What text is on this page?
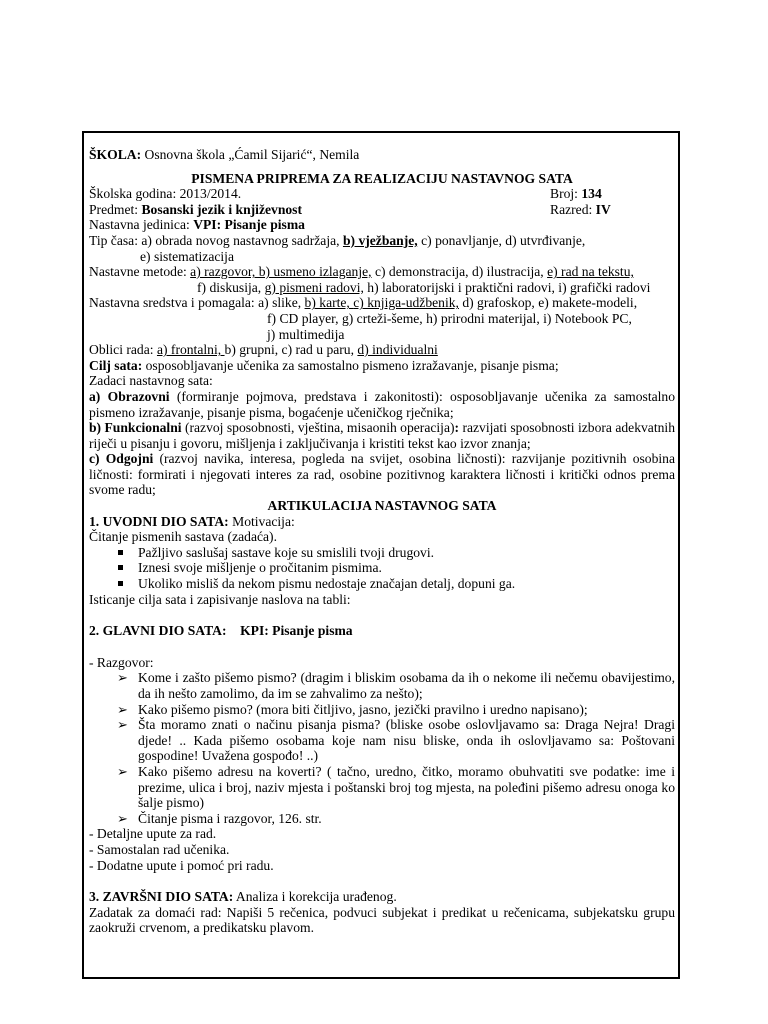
ŠKOLA: Osnovna škola „Ćamil Sijarić“, Nemila
PISMENA PRIPREMA ZA REALIZACIJU NASTAVNOG SATA
Školska godina: 2013/2014.	Broj: 134
Predmet: Bosanski jezik i književnost	Razred: IV
Nastavna jedinica: VPI: Pisanje pisma
Tip časa: a) obrada novog nastavnog sadržaja, b) vježbanje, c) ponavljanje, d) utvrđivanje,
e) sistematizacija
Nastavne metode: a) razgovor, b) usmeno izlaganje, c) demonstracija, d) ilustracija, e) rad na tekstu,
f) diskusija, g) pismeni radovi, h) laboratorijski i praktični radovi, i) grafički radovi
Nastavna sredstva i pomagala: a) slike, b) karte, c) knjiga-udžbenik, d) grafoskop, e) makete-modeli,
f) CD player, g) crteži-šeme, h) prirodni materijal, i) Notebook PC,
j) multimedija
Oblici rada: a) frontalni, b) grupni, c) rad u paru, d) individualni
Cilj sata: osposobljavanje učenika za samostalno pismeno izražavanje, pisanje pisma;
Zadaci nastavnog sata:
a) Obrazovni (formiranje pojmova, predstava i zakonitosti): osposobljavanje učenika za samostalno pismeno izražavanje, pisanje pisma, bogaćenje učeničkog rječnika;
b) Funkcionalni (razvoj sposobnosti, vještina, misaonih operacija): razvijati sposobnosti izbora adekvatnih riječi u pisanju i govoru, mišljenja i zaključivanja i kristiti tekst kao izvor znanja;
c) Odgojni (razvoj navika, interesa, pogleda na svijet, osobina ličnosti): razvijanje pozitivnih osobina ličnosti: formirati i njegovati interes za rad, osobine pozitivnog karaktera ličnosti i kritički odnos prema svome radu;
ARTIKULACIJA NASTAVNOG SATA
1. UVODNI DIO SATA: Motivacija:
Čitanje pismenih sastava (zadaća).
Pažljivo saslušaj sastave koje su smislili tvoji drugovi.
Iznesi svoje mišljenje o pročitanim pismima.
Ukoliko misliš da nekom pismu nedostaje značajan detalj, dopuni ga.
Isticanje cilja sata i zapisivanje naslova na tabli:
2. GLAVNI DIO SATA:    KPI: Pisanje pisma
- Razgovor:
➢ Kome i zašto pišemo pismo? (dragim i bliskim osobama da ih o nekome ili nečemu obavijestimo, da ih nešto zamolimo, da im se zahvalimo za nešto);
➢ Kako pišemo pismo? (mora biti čitljivo, jasno, jezički pravilno i uredno napisano);
➢ Šta moramo znati o načinu pisanja pisma? (bliske osobe oslovljavamo sa: Draga Nejra! Dragi djede! .. Kada pišemo osobama koje nam nisu bliske, onda ih oslovljavamo sa: Poštovani gospodine! Uvažena gospođo! ..)
➢ Kako pišemo adresu na koverti? ( tačno, uredno, čitko, moramo obuhvatiti sve podatke: ime i prezime, ulica i broj, naziv mjesta i poštanski broj tog mjesta, na poleđini pišemo adresu onoga ko šalje pismo)
➢ Čitanje pisma i razgovor, 126. str.
- Detaljne upute za rad.
- Samostalan rad učenika.
- Dodatne upute i pomoć pri radu.
3. ZAVRŠNI DIO SATA: Analiza i korekcija urađenog.
Zadatak za domaći rad: Napiši 5 rečenica, podvuci subjekat i predikat u rečenicama, subjekatsku grupu zaokruži crvenom, a predikatsku plavom.
